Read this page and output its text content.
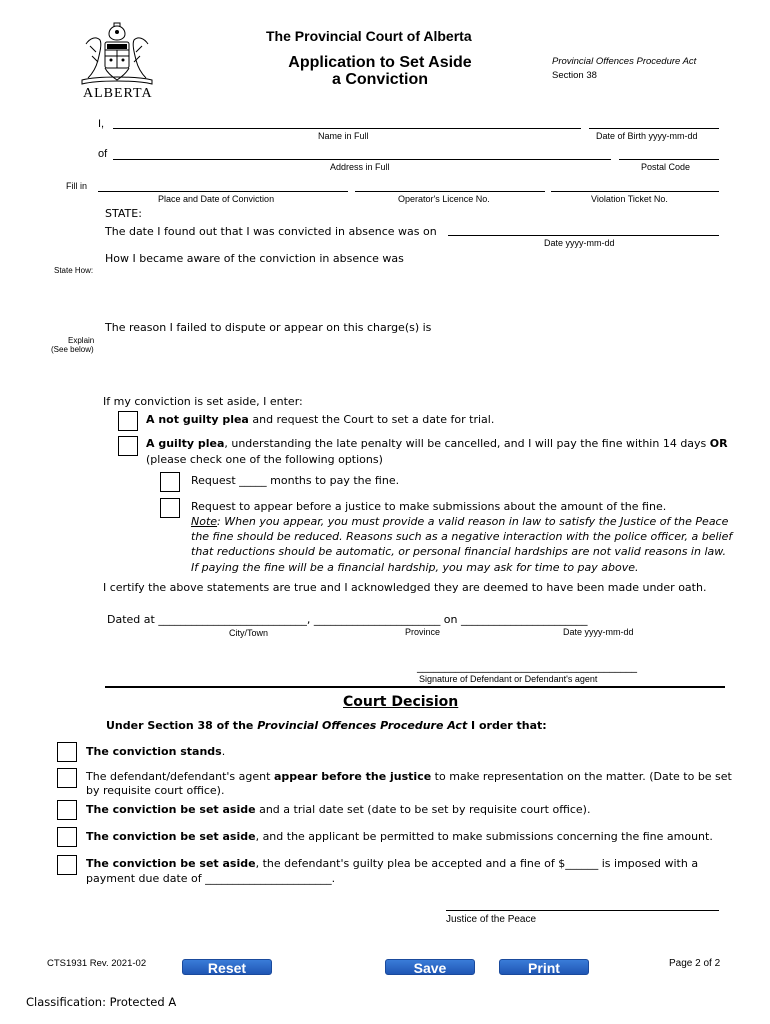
ALBERTA
The Provincial Court of Alberta
Application to Set Aside
a Conviction
Provincial Offences Procedure Act
Section 38
I,
Name in Full	Date of Birth yyyy-mm-dd
of
Address in Full	Postal Code
Fill in
Place and Date of Conviction	Operator's Licence No.	Violation Ticket No.
STATE:
The date I found out that I was convicted in absence was on
Date yyyy-mm-dd
How I became aware of the conviction in absence was
State How:
The reason I failed to dispute or appear on this charge(s) is
Explain
(See below)
If my conviction is set aside, I enter:
A not guilty plea and request the Court to set a date for trial.
A guilty plea, understanding the late penalty will be cancelled, and I will pay the fine within 14 days OR
(please check one of the following options)
Request _____ months to pay the fine.
Request to appear before a justice to make submissions about the amount of the fine.
Note: When you appear, you must provide a valid reason in law to satisfy the Justice of the Peace
the fine should be reduced. Reasons such as a negative interaction with the police officer, a belief
that reductions should be automatic, or personal financial hardships are not valid reasons in law.
If paying the fine will be a financial hardship, you may ask for time to pay above.
I certify the above statements are true and I acknowledged they are deemed to have been made under oath.
Dated at ___________________________, _______________________ on _______________________
City/Town	Province	Date yyyy-mm-dd
________________________________________
Signature of Defendant or Defendant's agent
Court Decision
Under Section 38 of the Provincial Offences Procedure Act I order that:
The conviction stands.
The defendant/defendant's agent appear before the justice to make representation on the matter. (Date to be set
by requisite court office).
The conviction be set aside and a trial date set (date to be set by requisite court office).
The conviction be set aside, and the applicant be permitted to make submissions concerning the fine amount.
The conviction be set aside, the defendant's guilty plea be accepted and a fine of $______ is imposed with a
payment due date of _______________________.
Justice of the Peace
CTS1931 Rev. 2021-02	Reset	Save	Print	Page 2 of 2
Classification: Protected A
